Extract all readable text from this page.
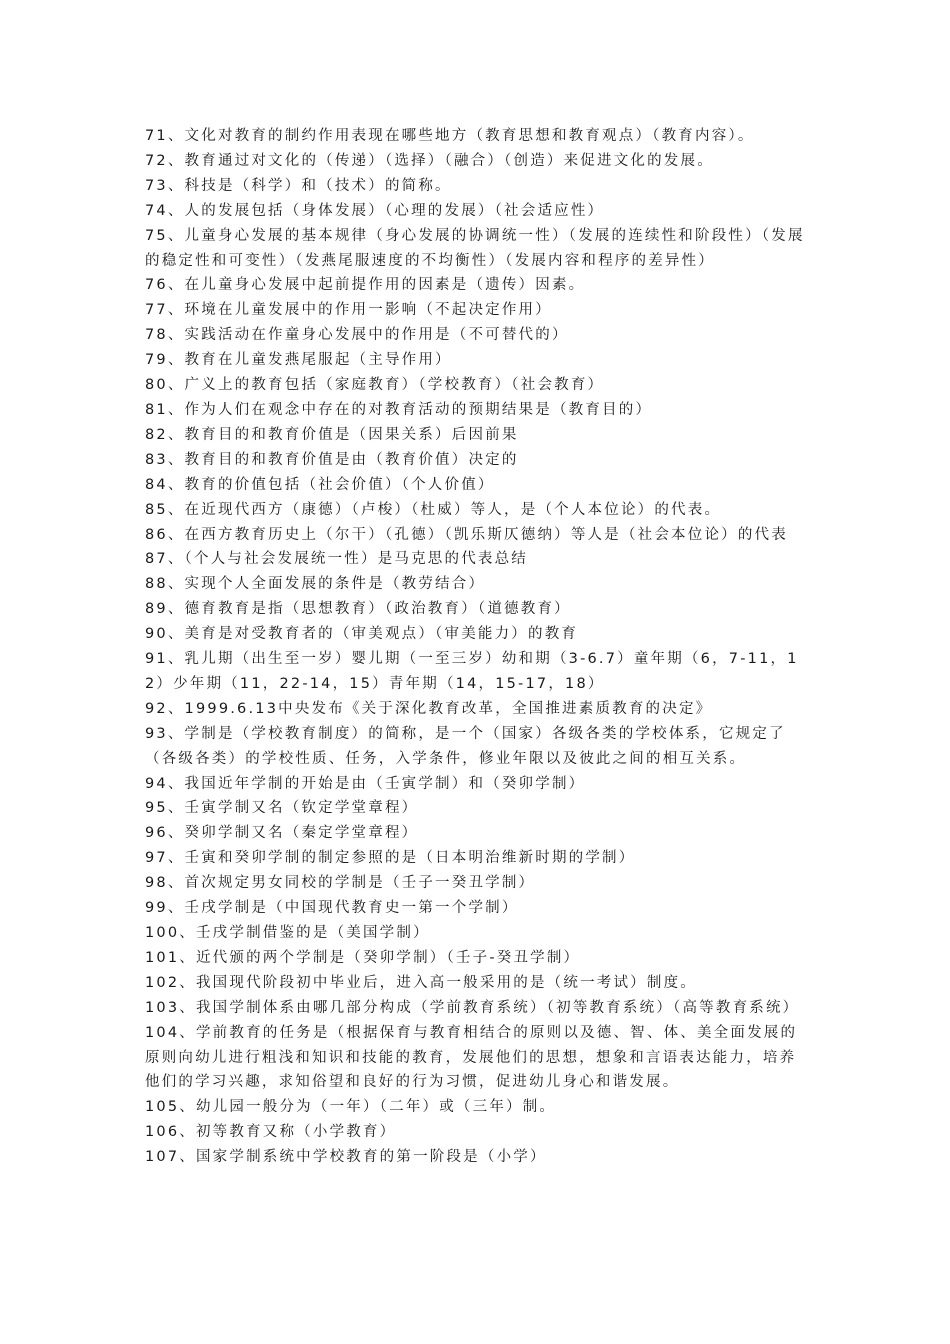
71、文化对教育的制约作用表现在哪些地方（教育思想和教育观点）（教育内容）。

72、教育通过对文化的（传递）（选择）（融合）（创造）来促进文化的发展。

73、科技是（科学）和（技术）的简称。

74、人的发展包括（身体发展）（心理的发展）（社会适应性）

75、儿童身心发展的基本规律（身心发展的协调统一性）（发展的连续性和阶段性）（发展的稳定性和可变性）（发燕尾服速度的不均衡性）（发展内容和程序的差异性）

76、在儿童身心发展中起前提作用的因素是（遗传）因素。

77、环境在儿童发展中的作用一影响（不起决定作用）

78、实践活动在作童身心发展中的作用是（不可替代的）

79、教育在儿童发燕尾服起（主导作用）

80、广义上的教育包括（家庭教育）（学校教育）（社会教育）

81、作为人们在观念中存在的对教育活动的预期结果是（教育目的）

82、教育目的和教育价值是（因果关系）后因前果

83、教育目的和教育价值是由（教育价值）决定的

84、教育的价值包括（社会价值）（个人价值）

85、在近现代西方（康德）（卢梭）（杜威）等人，是（个人本位论）的代表。

86、在西方教育历史上（尔干）（孔德）（凯乐斯仄德纳）等人是（社会本位论）的代表

87、（个人与社会发展统一性）是马克思的代表总结

88、实现个人全面发展的条件是（教劳结合）

89、德育教育是指（思想教育）（政治教育）（道德教育）

90、美育是对受教育者的（审美观点）（审美能力）的教育

91、乳儿期（出生至一岁）婴儿期（一至三岁）幼和期（3-6.7）童年期（6，7-11，12）少年期（11，22-14，15）青年期（14，15-17，18）

92、1999.6.13中央发布《关于深化教育改革，全国推进素质教育的决定》

93、学制是（学校教育制度）的简称，是一个（国家）各级各类的学校体系，它规定了（各级各类）的学校性质、任务，入学条件，修业年限以及彼此之间的相互关系。

94、我国近年学制的开始是由（壬寅学制）和（癸卯学制）

95、壬寅学制又名（钦定学堂章程）

96、癸卯学制又名（秦定学堂章程）

97、壬寅和癸卯学制的制定参照的是（日本明治维新时期的学制）

98、首次规定男女同校的学制是（壬子一癸丑学制）

99、壬戌学制是（中国现代教育史一第一个学制）

100、壬戌学制借鉴的是（美国学制）

101、近代颁的两个学制是（癸卯学制）（壬子-癸丑学制）

102、我国现代阶段初中毕业后，进入高一般采用的是（统一考试）制度。

103、我国学制体系由哪几部分构成（学前教育系统）（初等教育系统）（高等教育系统）

104、学前教育的任务是（根据保育与教育相结合的原则以及德、智、体、美全面发展的原则向幼儿进行粗浅和知识和技能的教育，发展他们的思想，想象和言语表达能力，培养他们的学习兴趣，求知俗望和良好的行为习惯，促进幼儿身心和谐发展。

105、幼儿园一般分为（一年）（二年）或（三年）制。

106、初等教育又称（小学教育）

107、国家学制系统中学校教育的第一阶段是（小学）
